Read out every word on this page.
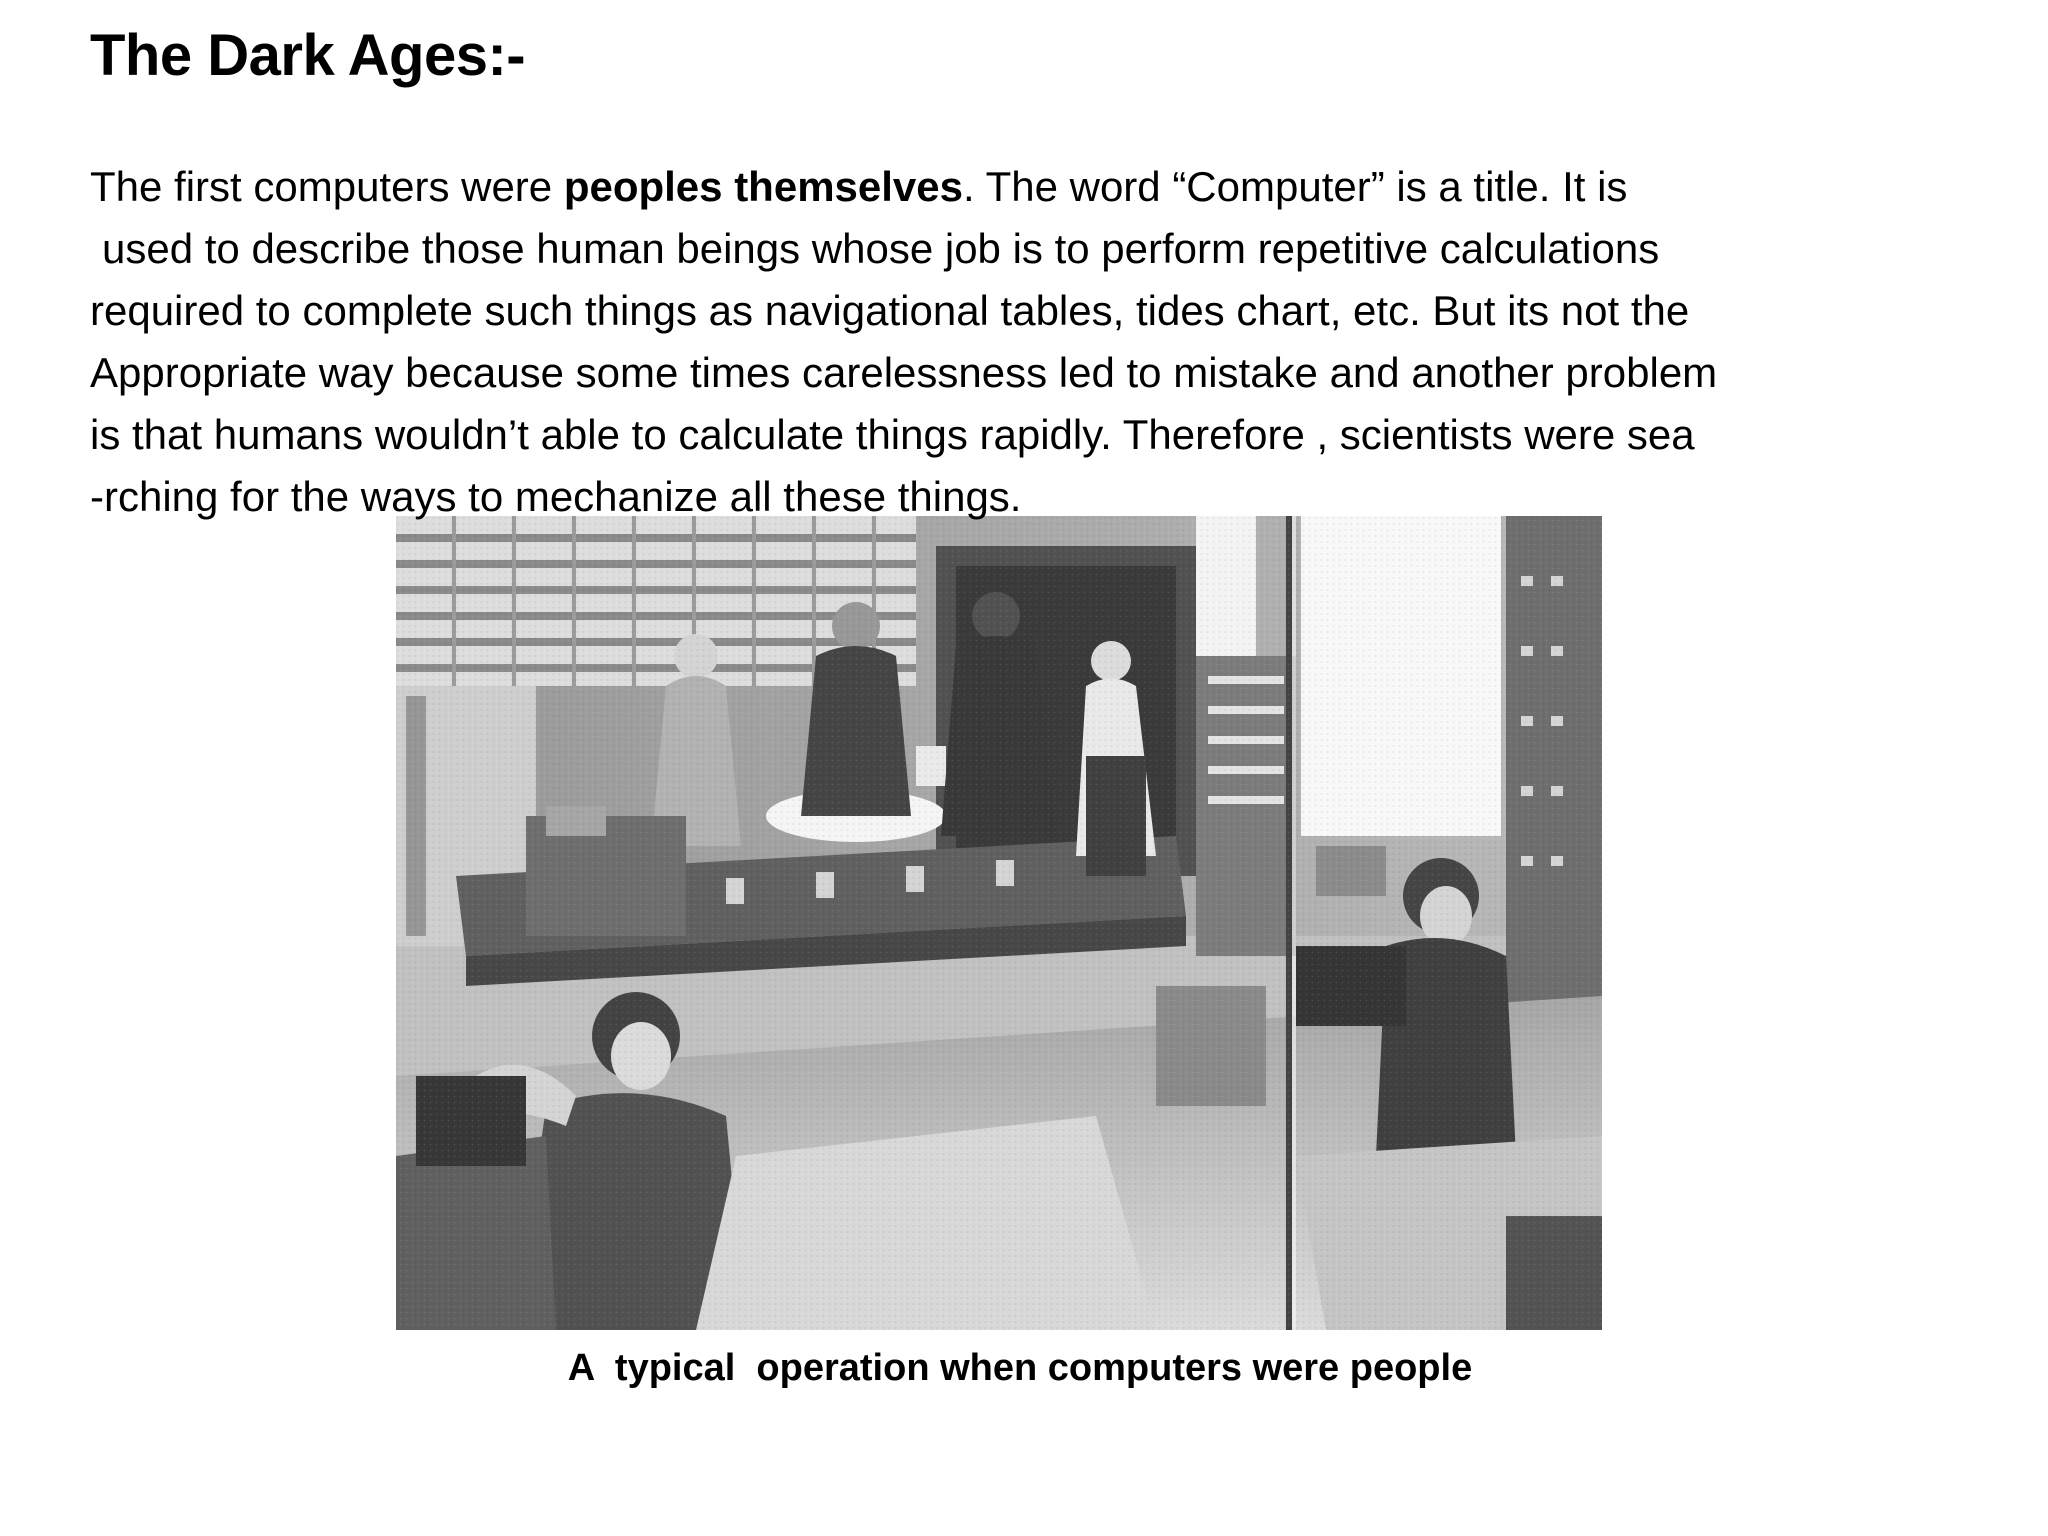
The Dark Ages:-
The first computers were peoples themselves. The word “Computer” is a title. It is
used to describe those human beings whose job is to perform repetitive calculations
required to complete such things as navigational tables, tides chart, etc. But its not the
Appropriate way because some times carelessness led to mistake and another problem
is that humans wouldn’t able to calculate things rapidly. Therefore , scientists were sea
-rching for the ways to mechanize all these things.

A  typical  operation when computers were people
